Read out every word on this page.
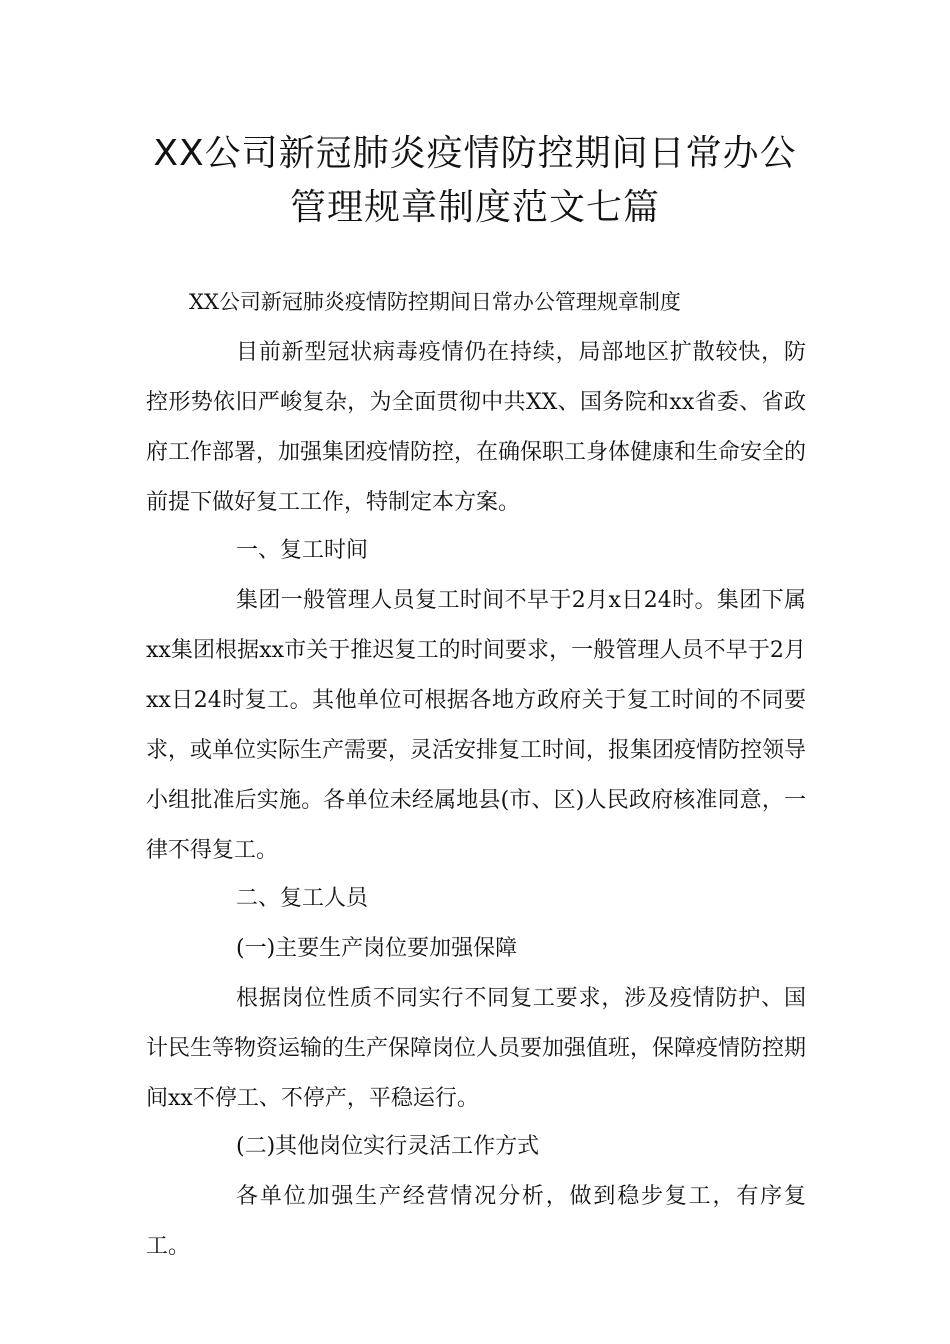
XX公司新冠肺炎疫情防控期间日常办公
管理规章制度范文七篇
XX公司新冠肺炎疫情防控期间日常办公管理规章制度

目前新型冠状病毒疫情仍在持续，局部地区扩散较快，防控形势依旧严峻复杂，为全面贯彻中共XX、国务院和xx省委、省政府工作部署，加强集团疫情防控，在确保职工身体健康和生命安全的前提下做好复工工作，特制定本方案。

一、复工时间

集团一般管理人员复工时间不早于2月x日24时。集团下属xx集团根据xx市关于推迟复工的时间要求，一般管理人员不早于2月xx日24时复工。其他单位可根据各地方政府关于复工时间的不同要求，或单位实际生产需要，灵活安排复工时间，报集团疫情防控领导小组批准后实施。各单位未经属地县(市、区)人民政府核准同意，一律不得复工。

二、复工人员
(一)主要生产岗位要加强保障

根据岗位性质不同实行不同复工要求，涉及疫情防护、国计民生等物资运输的生产保障岗位人员要加强值班，保障疫情防控期间xx不停工、不停产，平稳运行。

(二)其他岗位实行灵活工作方式

各单位加强生产经营情况分析，做到稳步复工，有序复工。
